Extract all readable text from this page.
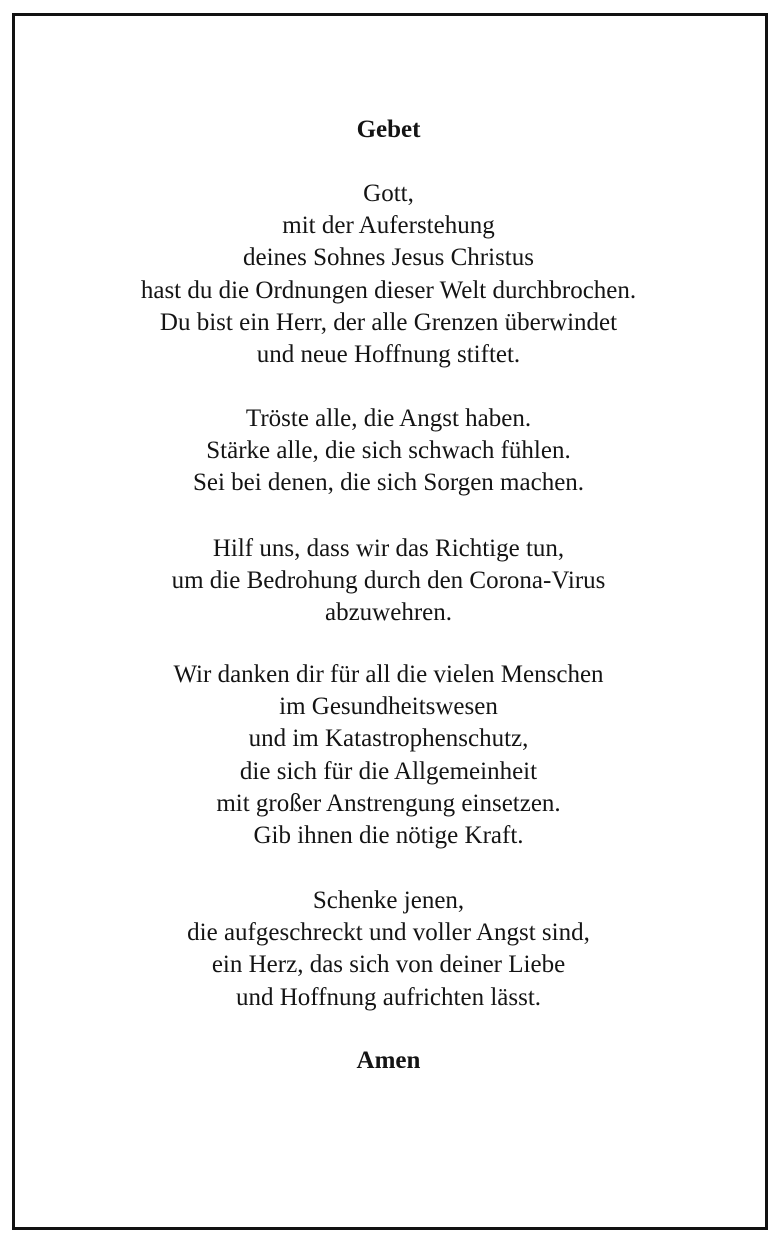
Gebet

Gott,
mit der Auferstehung
deines Sohnes Jesus Christus
hast du die Ordnungen dieser Welt durchbrochen.
Du bist ein Herr, der alle Grenzen überwindet
und neue Hoffnung stiftet.

Tröste alle, die Angst haben.
Stärke alle, die sich schwach fühlen.
Sei bei denen, die sich Sorgen machen.

Hilf uns, dass wir das Richtige tun,
um die Bedrohung durch den Corona-Virus
abzuwehren.

Wir danken dir für all die vielen Menschen
im Gesundheitswesen
und im Katastrophenschutz,
die sich für die Allgemeinheit
mit großer Anstrengung einsetzen.
Gib ihnen die nötige Kraft.

Schenke jenen,
die aufgeschreckt und voller Angst sind,
ein Herz, das sich von deiner Liebe
und Hoffnung aufrichten lässt.

Amen
